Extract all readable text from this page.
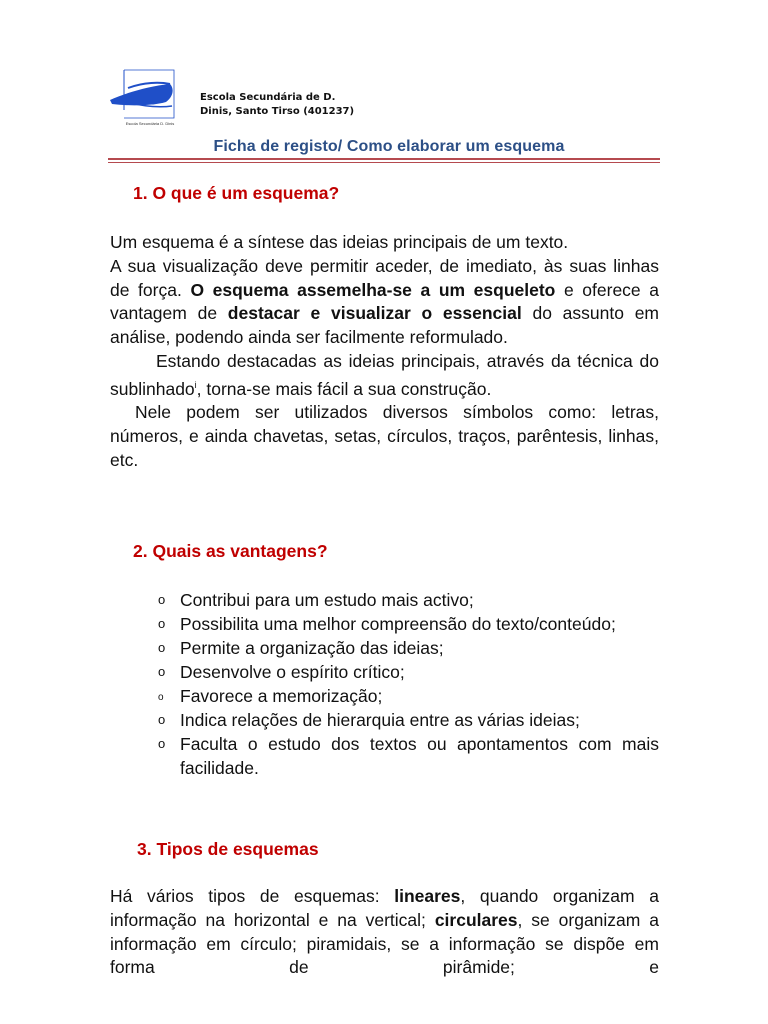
Escola Secundária D. Dinis
Escola Secundária de D.
Dinis, Santo Tirso (401237)
Ficha de registo/ Como elaborar um esquema
1. O que é um esquema?

Um esquema é a síntese das ideias principais de um texto.

A sua visualização deve permitir aceder, de imediato, às suas linhas de força. O esquema assemelha-se a um esqueleto e oferece a vantagem de destacar e visualizar o essencial do assunto em análise, podendo ainda ser facilmente reformulado.

Estando destacadas as ideias principais, através da técnica do sublinhado$^i$, torna-se mais fácil a sua construção.

Nele podem ser utilizados diversos símbolos como: letras, números, e ainda chavetas, setas, círculos, traços, parêntesis, linhas, etc.

2. Quais as vantagens?
o Contribui para um estudo mais activo;
o Possibilita uma melhor compreensão do texto/conteúdo;
o Permite a organização das ideias;
o Desenvolve o espírito crítico;
o Favorece a memorização;
o Indica relações de hierarquia entre as várias ideias;
o Faculta o estudo dos textos ou apontamentos com mais facilidade.
3. Tipos de esquemas

Há vários tipos de esquemas: lineares, quando organizam a informação na horizontal e na vertical; circulares, se organizam a informação em círculo; piramidais, se a informação se dispõe em forma de pirâmide; e
